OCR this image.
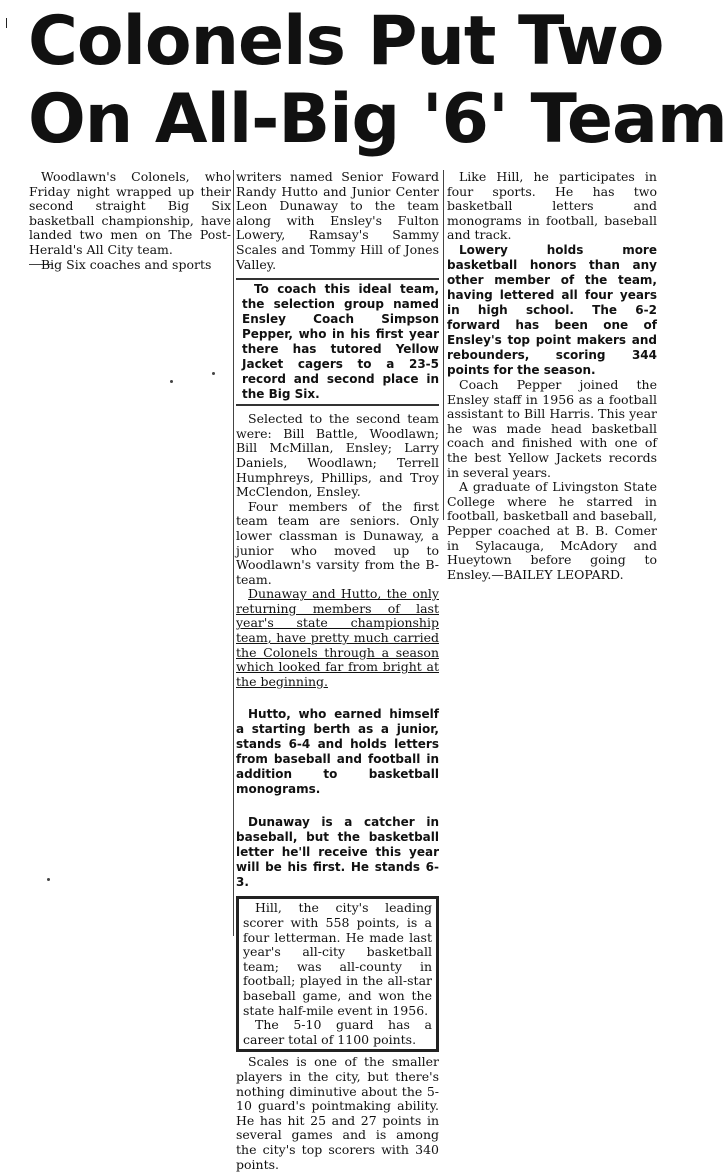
Colonels Put Two
On All-Big '6' Team

Woodlawn's Colonels, who Friday night wrapped up their second straight Big Six basketball championship, have landed two men on The Post-Herald's All City team.

Big Six coaches and sports

writers named Senior Foward Randy Hutto and Junior Center Leon Dunaway to the team along with Ensley's Fulton Lowery, Ramsay's Sammy Scales and Tommy Hill of Jones Valley.

To coach this ideal team, the selection group named Ensley Coach Simpson Pepper, who in his first year there has tutored Yellow Jacket cagers to a 23-5 record and second place in the Big Six.

Selected to the second team were: Bill Battle, Woodlawn; Bill McMillan, Ensley; Larry Daniels, Woodlawn; Terrell Humphreys, Phillips, and Troy McClendon, Ensley.

Four members of the first team team are seniors. Only lower classman is Dunaway, a junior who moved up to Woodlawn's varsity from the B-team.

Dunaway and Hutto, the only returning members of last year's state championship team, have pretty much carried the Colonels through a season which looked far from bright at the beginning.

Hutto, who earned himself a starting berth as a junior, stands 6-4 and holds letters from baseball and football in addition to basketball monograms.

Dunaway is a catcher in baseball, but the basketball letter he'll receive this year will be his first. He stands 6-3.

Hill, the city's leading scorer with 558 points, is a four letterman. He made last year's all-city basketball team; was all-county in football; played in the all-star baseball game, and won the state half-mile event in 1956.

The 5-10 guard has a career total of 1100 points.

Scales is one of the smaller players in the city, but there's nothing diminutive about the 5-10 guard's pointmaking ability. He has hit 25 and 27 points in several games and is among the city's top scorers with 340 points.

Like Hill, he participates in four sports. He has two basketball letters and monograms in football, baseball and track.

Lowery holds more basketball honors than any other member of the team, having lettered all four years in high school. The 6-2 forward has been one of Ensley's top point makers and rebounders, scoring 344 points for the season.

Coach Pepper joined the Ensley staff in 1956 as a football assistant to Bill Harris. This year he was made head basketball coach and finished with one of the best Yellow Jackets records in several years.

A graduate of Livingston State College where he starred in football, basketball and baseball, Pepper coached at B. B. Comer in Sylacauga, McAdory and Hueytown before going to Ensley.—BAILEY LEOPARD.
